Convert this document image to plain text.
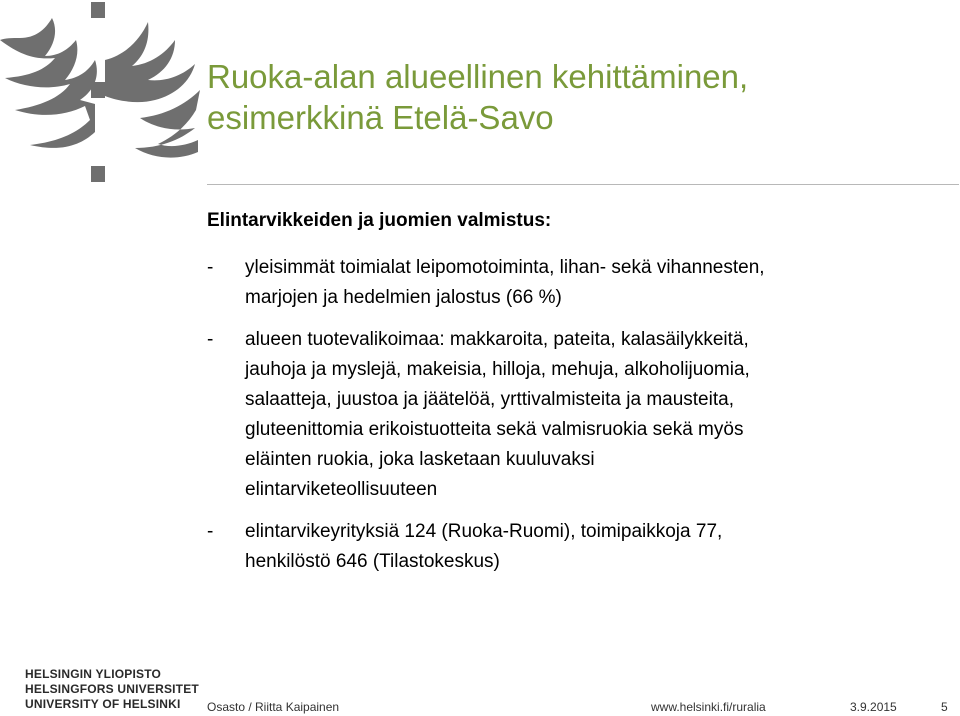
Ruoka-alan alueellinen kehittäminen,
esimerkkinä Etelä-Savo
Elintarvikkeiden ja juomien valmistus:
- yleisimmät toimialat leipomotoiminta, lihan- sekä vihannesten,
marjojen ja hedelmien jalostus (66 %)
- alueen tuotevalikoimaa: makkaroita, pateita, kalasäilykkeitä,
jauhoja ja myslejä, makeisia, hilloja, mehuja, alkoholijuomia,
salaatteja, juustoa ja jäätelöä, yrttivalmisteita ja mausteita,
gluteenittomia erikoistuotteita sekä valmisruokia sekä myös
eläinten ruokia, joka lasketaan kuuluvaksi
elintarviketeollisuuteen
- elintarvikeyrityksiä 124 (Ruoka-Ruomi), toimipaikkoja 77,
henkilöstö 646 (Tilastokeskus)
HELSINGIN YLIOPISTO
HELSINGFORS UNIVERSITET
UNIVERSITY OF HELSINKI	Osasto / Riitta Kaipainen	www.helsinki.fi/ruralia	3.9.2015	5
